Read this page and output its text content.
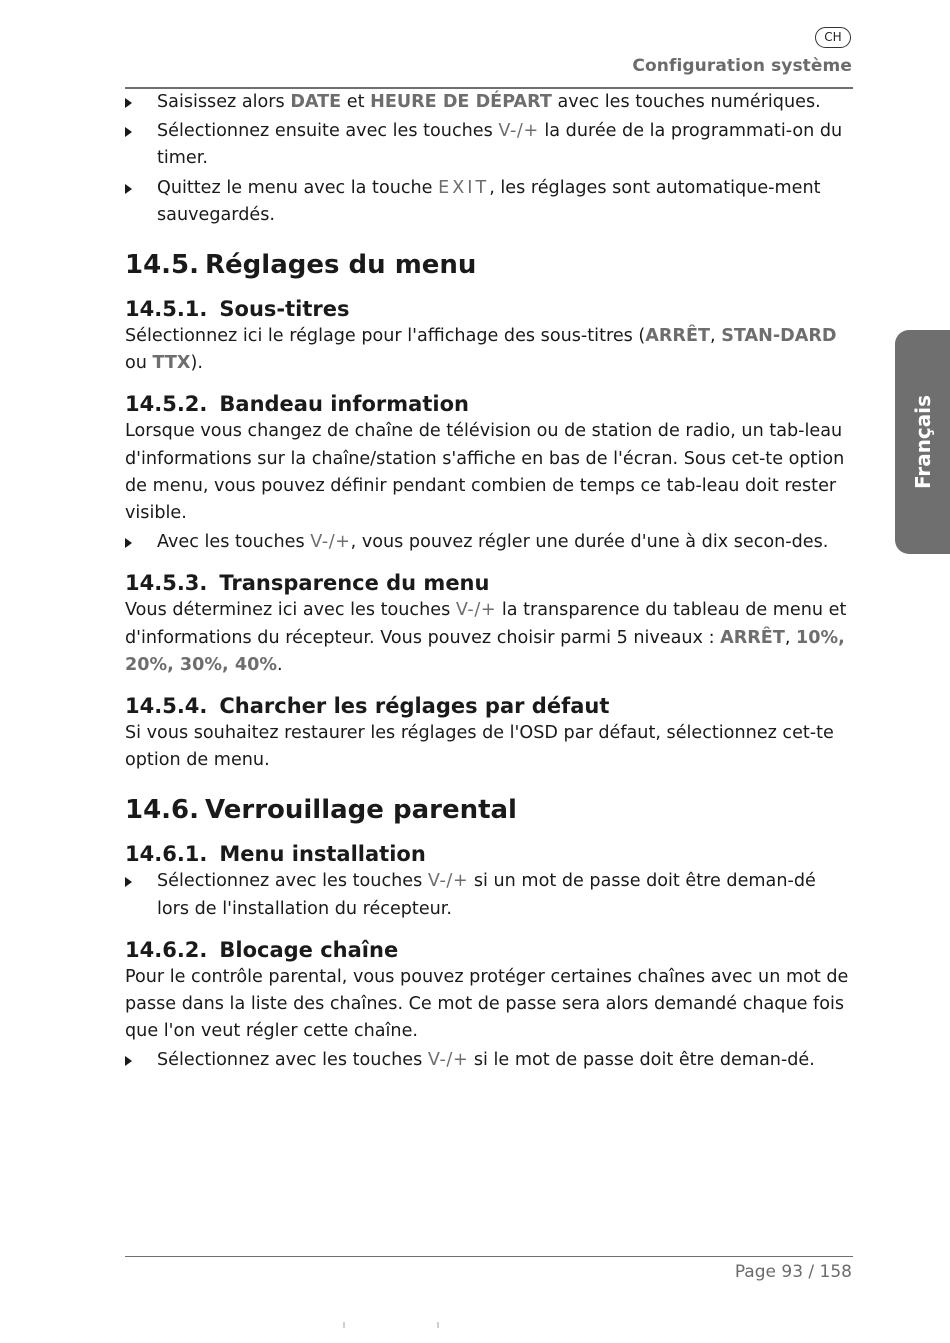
CH
Configuration système
Français
Saisissez alors DATE et HEURE DE DÉPART avec les touches numériques.
Sélectionnez ensuite avec les touches V-/+ la durée de la programmati-on du timer.
Quittez le menu avec la touche EXIT, les réglages sont automatique-ment sauvegardés.
14.5. Réglages du menu
14.5.1. Sous-titres

Sélectionnez ici le réglage pour l'affichage des sous-titres (ARRÊT, STAN-DARD ou TTX).

14.5.2. Bandeau information

Lorsque vous changez de chaîne de télévision ou de station de radio, un tab-leau d'informations sur la chaîne/station s'affiche en bas de l'écran. Sous cet-te option de menu, vous pouvez définir pendant combien de temps ce tab-leau doit rester visible.

Avec les touches V-/+, vous pouvez régler une durée d'une à dix secon-des.
14.5.3. Transparence du menu

Vous déterminez ici avec les touches V-/+ la transparence du tableau de menu et d'informations du récepteur. Vous pouvez choisir parmi 5 niveaux : ARRÊT, 10%, 20%, 30%, 40%.

14.5.4. Charcher les réglages par défaut

Si vous souhaitez restaurer les réglages de l'OSD par défaut, sélectionnez cet-te option de menu.

14.6. Verrouillage parental
14.6.1. Menu installation
Sélectionnez avec les touches V-/+ si un mot de passe doit être deman-dé lors de l'installation du récepteur.
14.6.2. Blocage chaîne

Pour le contrôle parental, vous pouvez protéger certaines chaînes avec un mot de passe dans la liste des chaînes. Ce mot de passe sera alors demandé chaque fois que l'on veut régler cette chaîne.

Sélectionnez avec les touches V-/+ si le mot de passe doit être deman-dé.
Page 93 / 158
